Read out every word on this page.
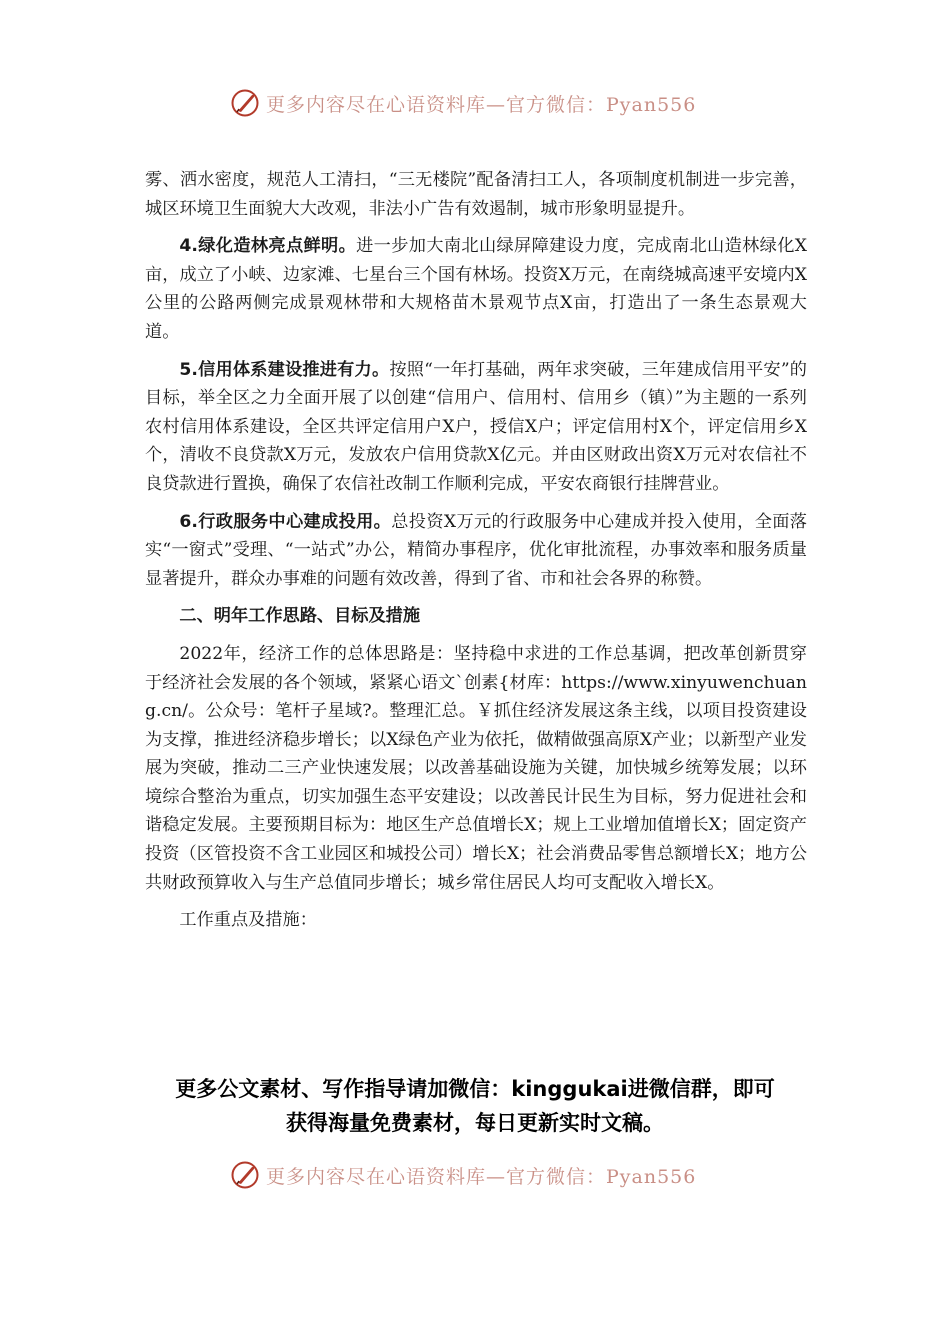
更多内容尽在心语资料库—官方微信：Pyan556

雾、洒水密度，规范人工清扫，“三无楼院”配备清扫工人，各项制度机制进一步完善，城区环境卫生面貌大大改观，非法小广告有效遏制，城市形象明显提升。

4.绿化造林亮点鲜明。进一步加大南北山绿屏障建设力度，完成南北山造林绿化X亩，成立了小峡、边家滩、七星台三个国有林场。投资X万元，在南绕城高速平安境内X公里的公路两侧完成景观林带和大规格苗木景观节点X亩，打造出了一条生态景观大道。

5.信用体系建设推进有力。按照“一年打基础，两年求突破，三年建成信用平安”的目标，举全区之力全面开展了以创建“信用户、信用村、信用乡（镇）”为主题的一系列农村信用体系建设，全区共评定信用户X户，授信X户；评定信用村X个，评定信用乡X个，清收不良贷款X万元，发放农户信用贷款X亿元。并由区财政出资X万元对农信社不良贷款进行置换，确保了农信社改制工作顺利完成，平安农商银行挂牌营业。

6.行政服务中心建成投用。总投资X万元的行政服务中心建成并投入使用，全面落实“一窗式”受理、“一站式”办公，精简办事程序，优化审批流程，办事效率和服务质量显著提升，群众办事难的问题有效改善，得到了省、市和社会各界的称赞。

二、明年工作思路、目标及措施

2022年，经济工作的总体思路是：坚持稳中求进的工作总基调，把改革创新贯穿于经济社会发展的各个领域，紧紧心语文`创素{材库：https://www.xinyuwenchuang.cn/。公众号：笔杆子星域?。整理汇总。￥抓住经济发展这条主线，以项目投资建设为支撑，推进经济稳步增长；以X绿色产业为依托，做精做强高原X产业；以新型产业发展为突破，推动二三产业快速发展；以改善基础设施为关键，加快城乡统筹发展；以环境综合整治为重点，切实加强生态平安建设；以改善民计民生为目标，努力促进社会和谐稳定发展。主要预期目标为：地区生产总值增长X；规上工业增加值增长X；固定资产投资（区管投资不含工业园区和城投公司）增长X；社会消费品零售总额增长X；地方公共财政预算收入与生产总值同步增长；城乡常住居民人均可支配收入增长X。

工作重点及措施：

更多公文素材、写作指导请加微信：kinggukai进微信群，即可
获得海量免费素材，每日更新实时文稿。
更多内容尽在心语资料库—官方微信：Pyan556
